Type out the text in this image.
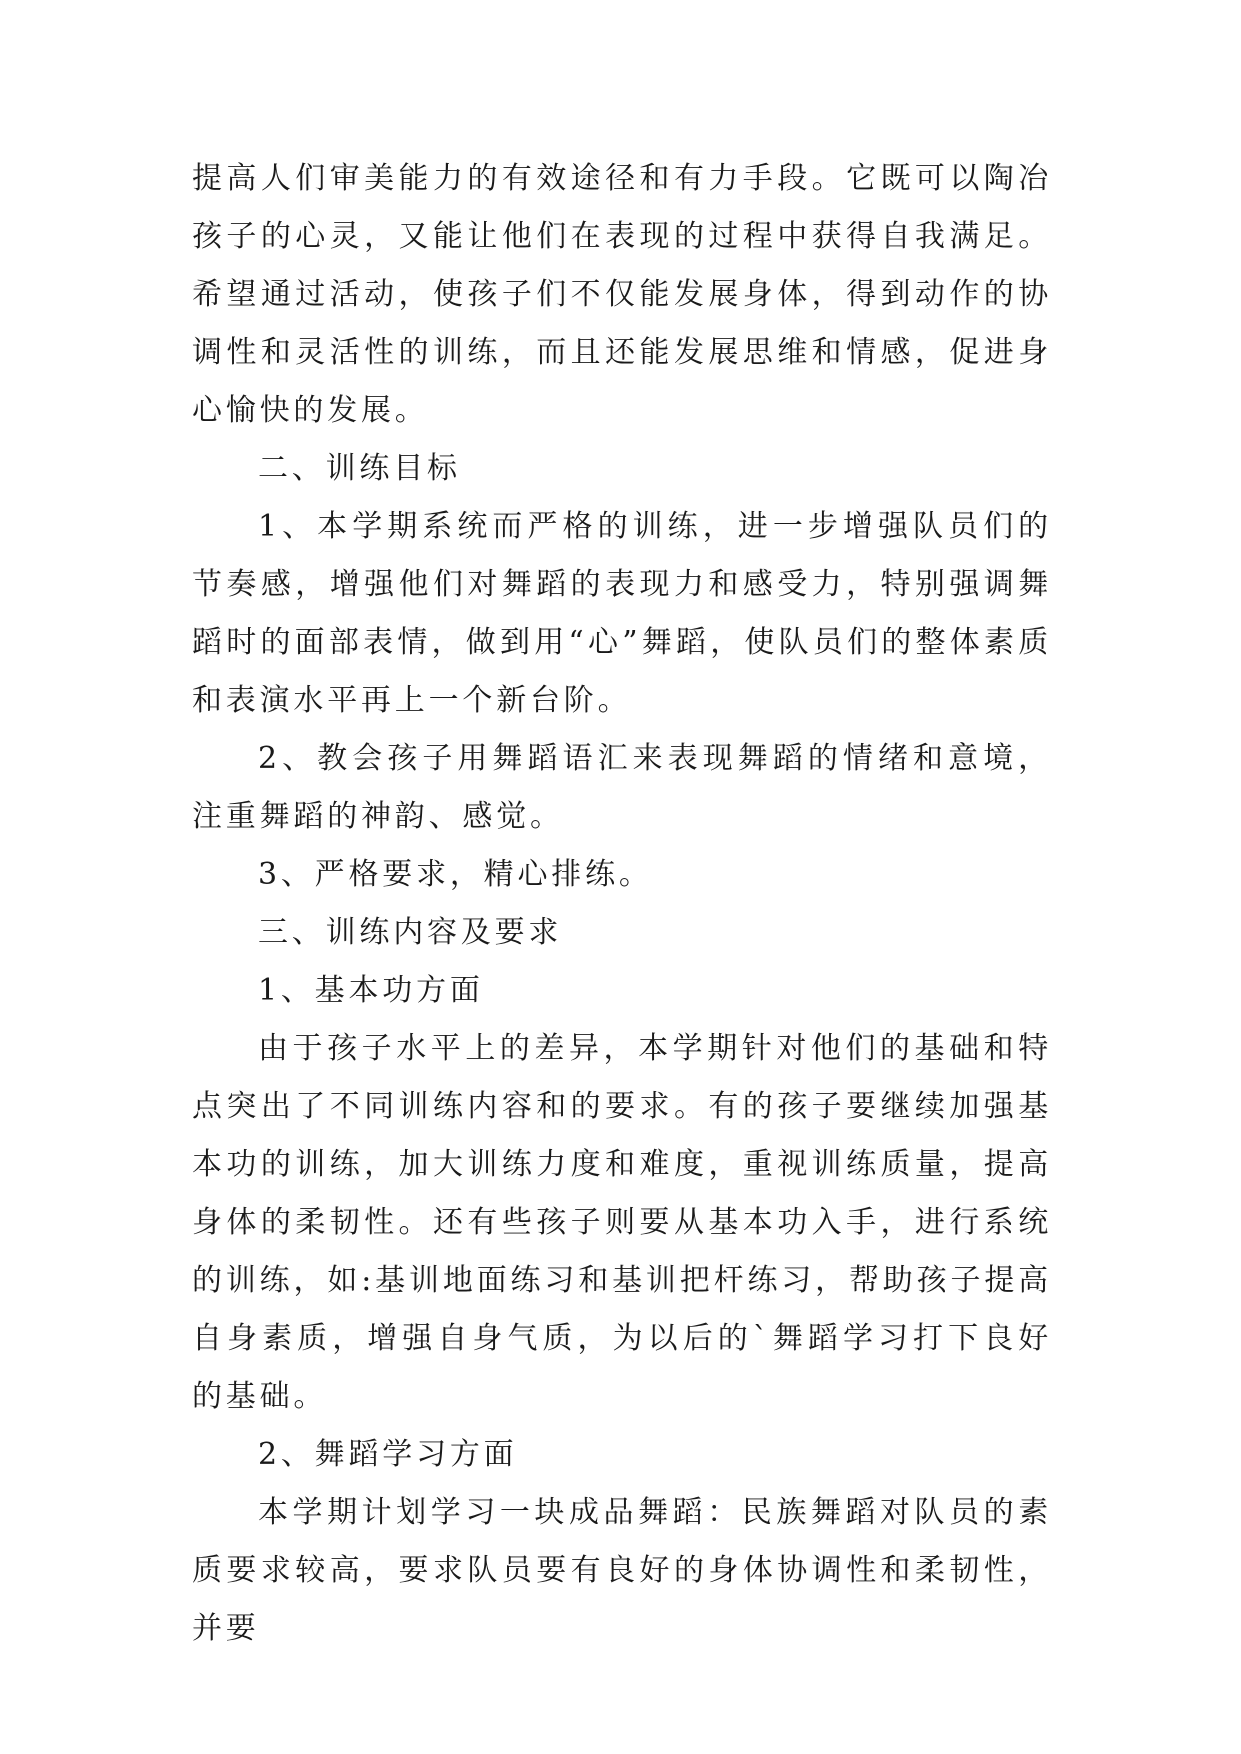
提高人们审美能力的有效途径和有力手段。它既可以陶冶孩子的心灵，又能让他们在表现的过程中获得自我满足。希望通过活动，使孩子们不仅能发展身体，得到动作的协调性和灵活性的训练，而且还能发展思维和情感，促进身心愉快的发展。

二、训练目标

1、本学期系统而严格的训练，进一步增强队员们的节奏感，增强他们对舞蹈的表现力和感受力，特别强调舞蹈时的面部表情，做到用“心”舞蹈，使队员们的整体素质和表演水平再上一个新台阶。

2、教会孩子用舞蹈语汇来表现舞蹈的情绪和意境，注重舞蹈的神韵、感觉。

3、严格要求，精心排练。

三、训练内容及要求

1、基本功方面

由于孩子水平上的差异，本学期针对他们的基础和特点突出了不同训练内容和的要求。有的孩子要继续加强基本功的训练，加大训练力度和难度，重视训练质量，提高身体的柔韧性。还有些孩子则要从基本功入手，进行系统的训练，如:基训地面练习和基训把杆练习，帮助孩子提高自身素质，增强自身气质，为以后的`舞蹈学习打下良好的基础。

2、舞蹈学习方面

本学期计划学习一块成品舞蹈：民族舞蹈对队员的素质要求较高，要求队员要有良好的身体协调性和柔韧性，并要
